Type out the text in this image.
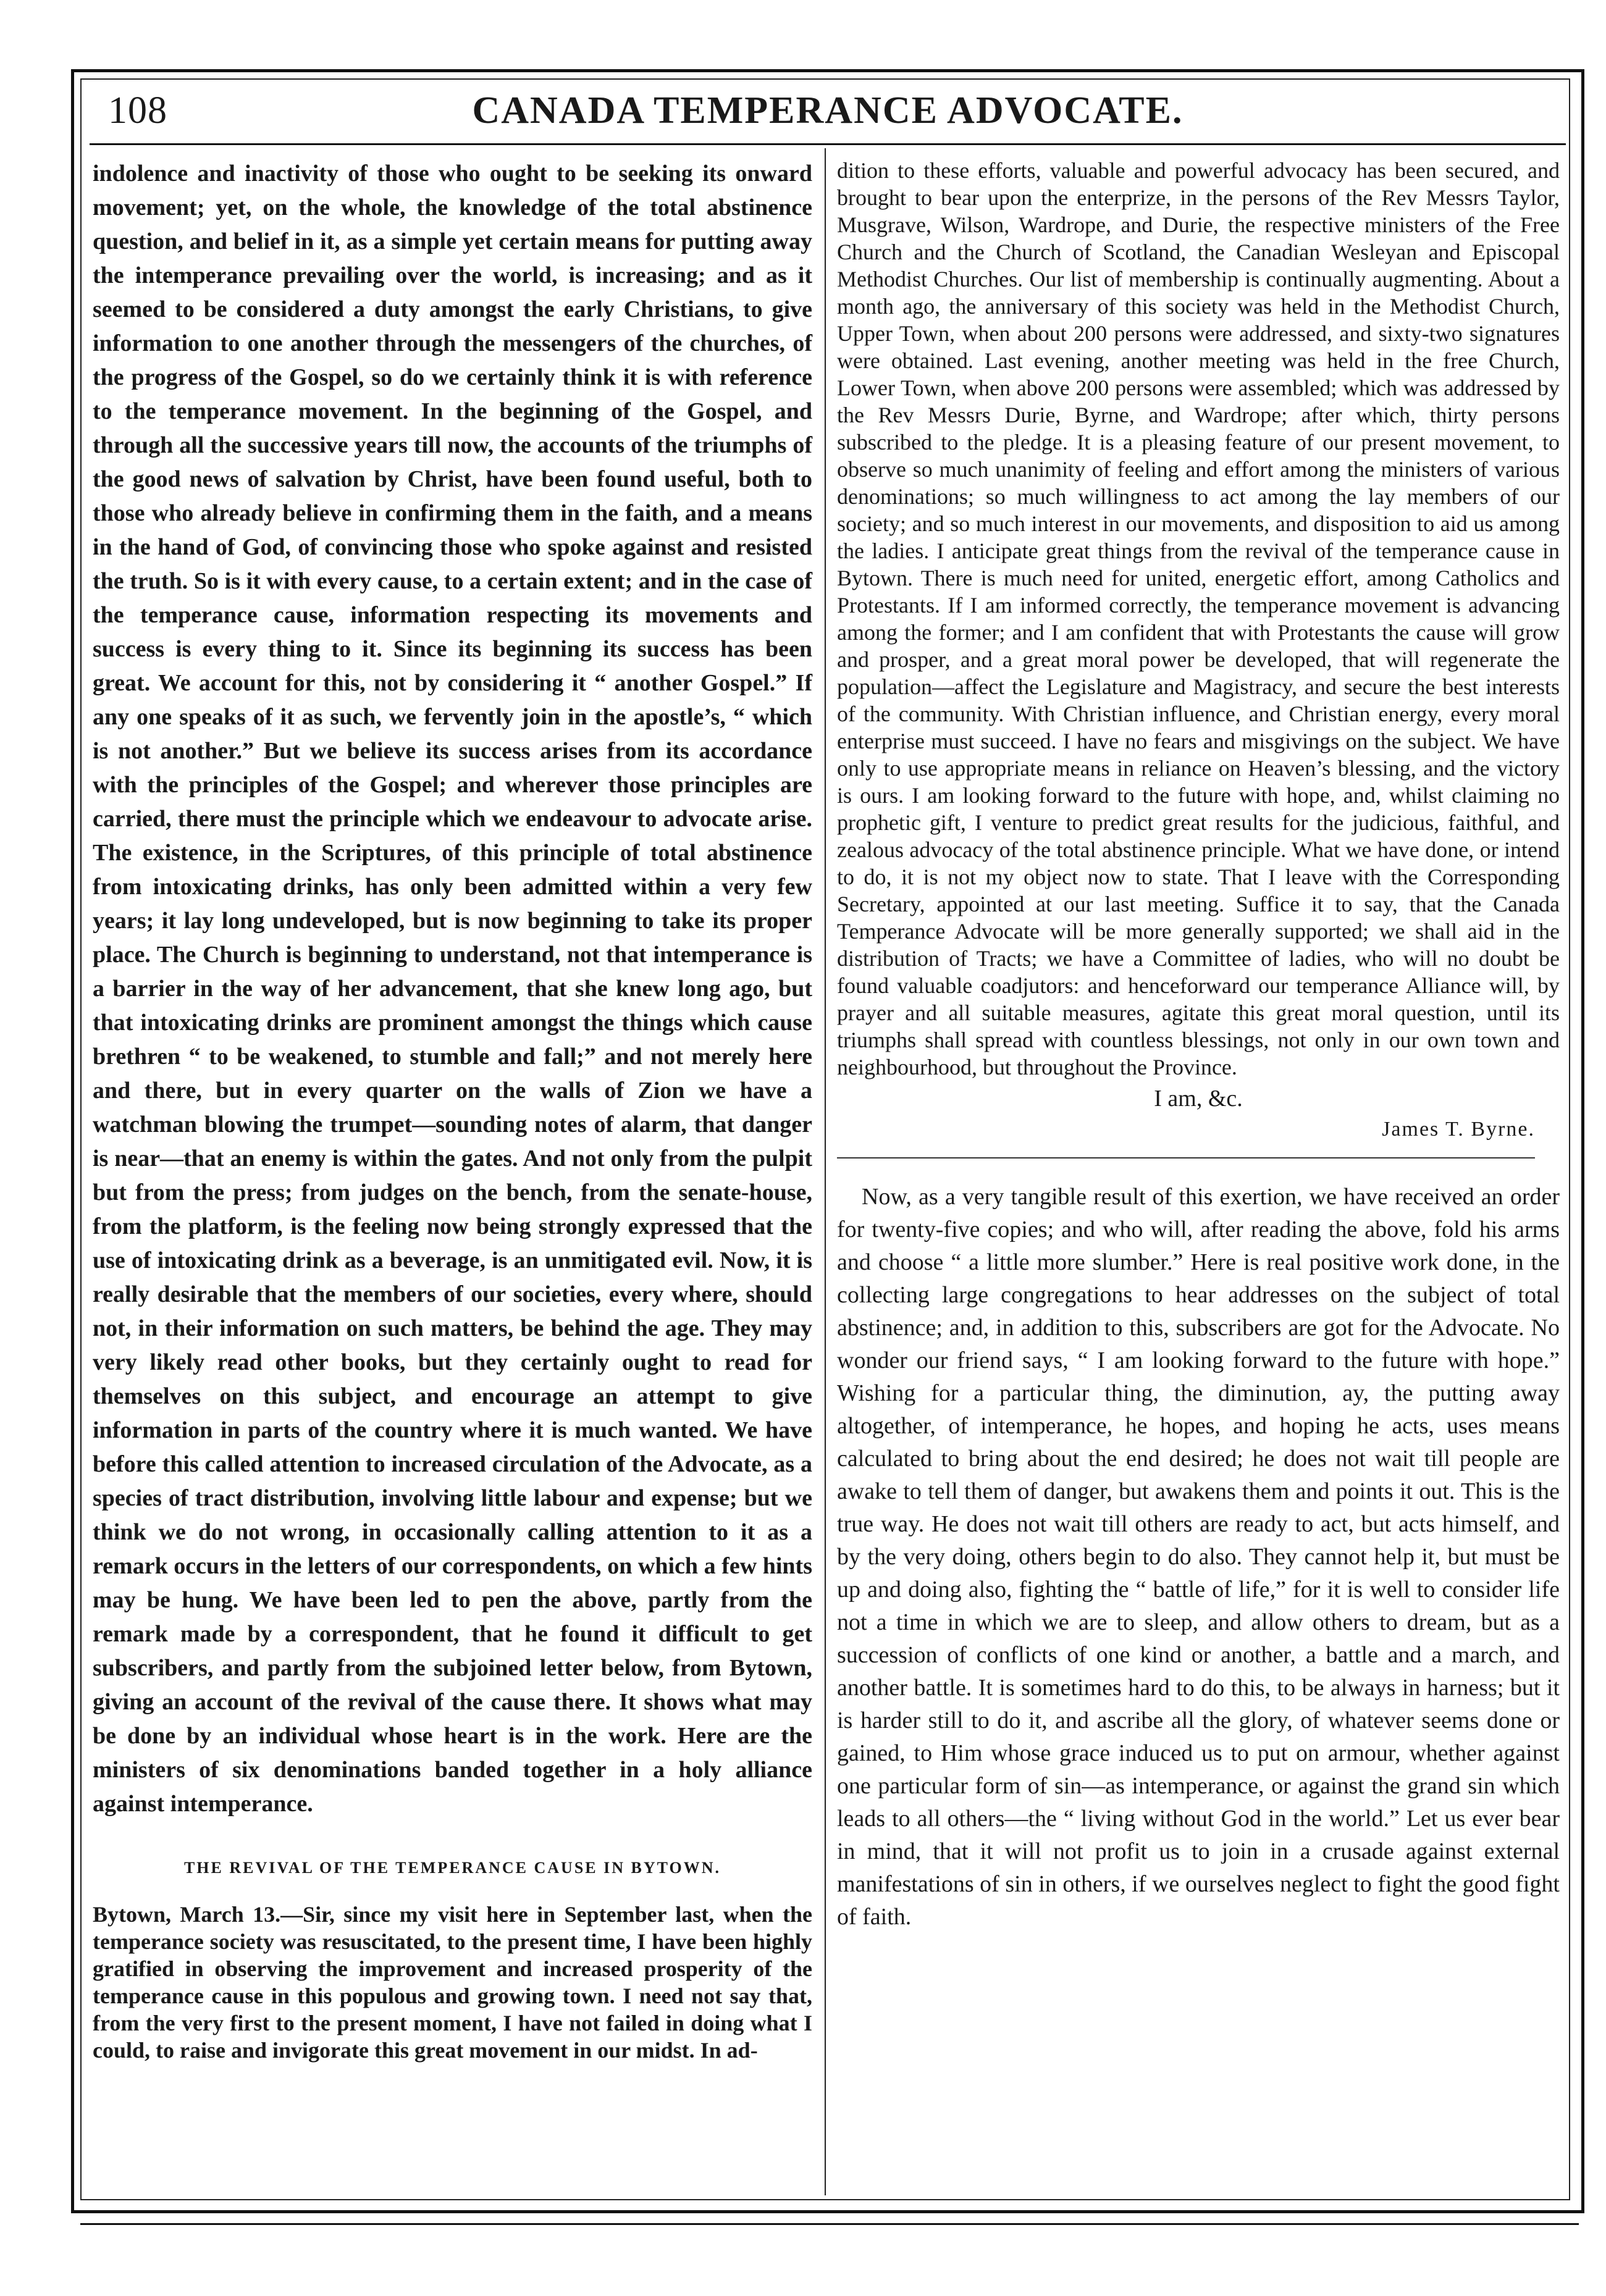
108	CANADA TEMPERANCE ADVOCATE.

indolence and inactivity of those who ought to be seeking its onward movement; yet, on the whole, the knowledge of the total abstinence question, and belief in it, as a simple yet certain means for putting away the intemperance prevailing over the world, is increasing; and as it seemed to be considered a duty amongst the early Christians, to give information to one another through the messengers of the churches, of the progress of the Gospel, so do we certainly think it is with reference to the temperance movement. In the beginning of the Gospel, and through all the successive years till now, the accounts of the triumphs of the good news of salvation by Christ, have been found useful, both to those who already believe in confirming them in the faith, and a means in the hand of God, of convincing those who spoke against and resisted the truth. So is it with every cause, to a certain extent; and in the case of the temperance cause, information respecting its movements and success is every thing to it. Since its beginning its success has been great. We account for this, not by considering it “ another Gospel.” If any one speaks of it as such, we fervently join in the apostle’s, “ which is not another.” But we believe its success arises from its accordance with the principles of the Gospel; and wherever those principles are carried, there must the principle which we endeavour to advocate arise. The existence, in the Scriptures, of this principle of total abstinence from intoxicating drinks, has only been admitted within a very few years; it lay long undeveloped, but is now beginning to take its proper place. The Church is beginning to understand, not that intemperance is a barrier in the way of her advancement, that she knew long ago, but that intoxicating drinks are prominent amongst the things which cause brethren “ to be weakened, to stumble and fall;” and not merely here and there, but in every quarter on the walls of Zion we have a watchman blowing the trumpet—sounding notes of alarm, that danger is near—that an enemy is within the gates. And not only from the pulpit but from the press; from judges on the bench, from the senate-house, from the platform, is the feeling now being strongly expressed that the use of intoxicating drink as a beverage, is an unmitigated evil. Now, it is really desirable that the members of our societies, every where, should not, in their information on such matters, be behind the age. They may very likely read other books, but they certainly ought to read for themselves on this subject, and encourage an attempt to give information in parts of the country where it is much wanted. We have before this called attention to increased circulation of the Advocate, as a species of tract distribution, involving little labour and expense; but we think we do not wrong, in occasionally calling attention to it as a remark occurs in the letters of our correspondents, on which a few hints may be hung. We have been led to pen the above, partly from the remark made by a correspondent, that he found it difficult to get subscribers, and partly from the subjoined letter below, from Bytown, giving an account of the revival of the cause there. It shows what may be done by an individual whose heart is in the work. Here are the ministers of six denominations banded together in a holy alliance against intemperance.

THE REVIVAL OF THE TEMPERANCE CAUSE IN BYTOWN.

Bytown, March 13.—Sir, since my visit here in September last, when the temperance society was resuscitated, to the present time, I have been highly gratified in observing the improvement and increased prosperity of the temperance cause in this populous and growing town. I need not say that, from the very first to the present moment, I have not failed in doing what I could, to raise and invigorate this great movement in our midst. In ad-

dition to these efforts, valuable and powerful advocacy has been secured, and brought to bear upon the enterprize, in the persons of the Rev Messrs Taylor, Musgrave, Wilson, Wardrope, and Durie, the respective ministers of the Free Church and the Church of Scotland, the Canadian Wesleyan and Episcopal Methodist Churches. Our list of membership is continually augmenting. About a month ago, the anniversary of this society was held in the Methodist Church, Upper Town, when about 200 persons were addressed, and sixty-two signatures were obtained. Last evening, another meeting was held in the free Church, Lower Town, when above 200 persons were assembled; which was addressed by the Rev Messrs Durie, Byrne, and Wardrope; after which, thirty persons subscribed to the pledge. It is a pleasing feature of our present movement, to observe so much unanimity of feeling and effort among the ministers of various denominations; so much willingness to act among the lay members of our society; and so much interest in our movements, and disposition to aid us among the ladies. I anticipate great things from the revival of the temperance cause in Bytown. There is much need for united, energetic effort, among Catholics and Protestants. If I am informed correctly, the temperance movement is advancing among the former; and I am confident that with Protestants the cause will grow and prosper, and a great moral power be developed, that will regenerate the population—affect the Legislature and Magistracy, and secure the best interests of the community. With Christian influence, and Christian energy, every moral enterprise must succeed. I have no fears and misgivings on the subject. We have only to use appropriate means in reliance on Heaven’s blessing, and the victory is ours. I am looking forward to the future with hope, and, whilst claiming no prophetic gift, I venture to predict great results for the judicious, faithful, and zealous advocacy of the total abstinence principle. What we have done, or intend to do, it is not my object now to state. That I leave with the Corresponding Secretary, appointed at our last meeting. Suffice it to say, that the Canada Temperance Advocate will be more generally supported; we shall aid in the distribution of Tracts; we have a Committee of ladies, who will no doubt be found valuable coadjutors: and henceforward our temperance Alliance will, by prayer and all suitable measures, agitate this great moral question, until its triumphs shall spread with countless blessings, not only in our own town and neighbourhood, but throughout the Province.

I am, &c.

James T. Byrne.

Now, as a very tangible result of this exertion, we have received an order for twenty-five copies; and who will, after reading the above, fold his arms and choose “ a little more slumber.” Here is real positive work done, in the collecting large congregations to hear addresses on the subject of total abstinence; and, in addition to this, subscribers are got for the Advocate. No wonder our friend says, “ I am looking forward to the future with hope.” Wishing for a particular thing, the diminution, ay, the putting away altogether, of intemperance, he hopes, and hoping he acts, uses means calculated to bring about the end desired; he does not wait till people are awake to tell them of danger, but awakens them and points it out. This is the true way. He does not wait till others are ready to act, but acts himself, and by the very doing, others begin to do also. They cannot help it, but must be up and doing also, fighting the “ battle of life,” for it is well to consider life not a time in which we are to sleep, and allow others to dream, but as a succession of conflicts of one kind or another, a battle and a march, and another battle. It is sometimes hard to do this, to be always in harness; but it is harder still to do it, and ascribe all the glory, of whatever seems done or gained, to Him whose grace induced us to put on armour, whether against one particular form of sin—as intemperance, or against the grand sin which leads to all others—the “ living without God in the world.” Let us ever bear in mind, that it will not profit us to join in a crusade against external manifestations of sin in others, if we ourselves neglect to fight the good fight of faith.
